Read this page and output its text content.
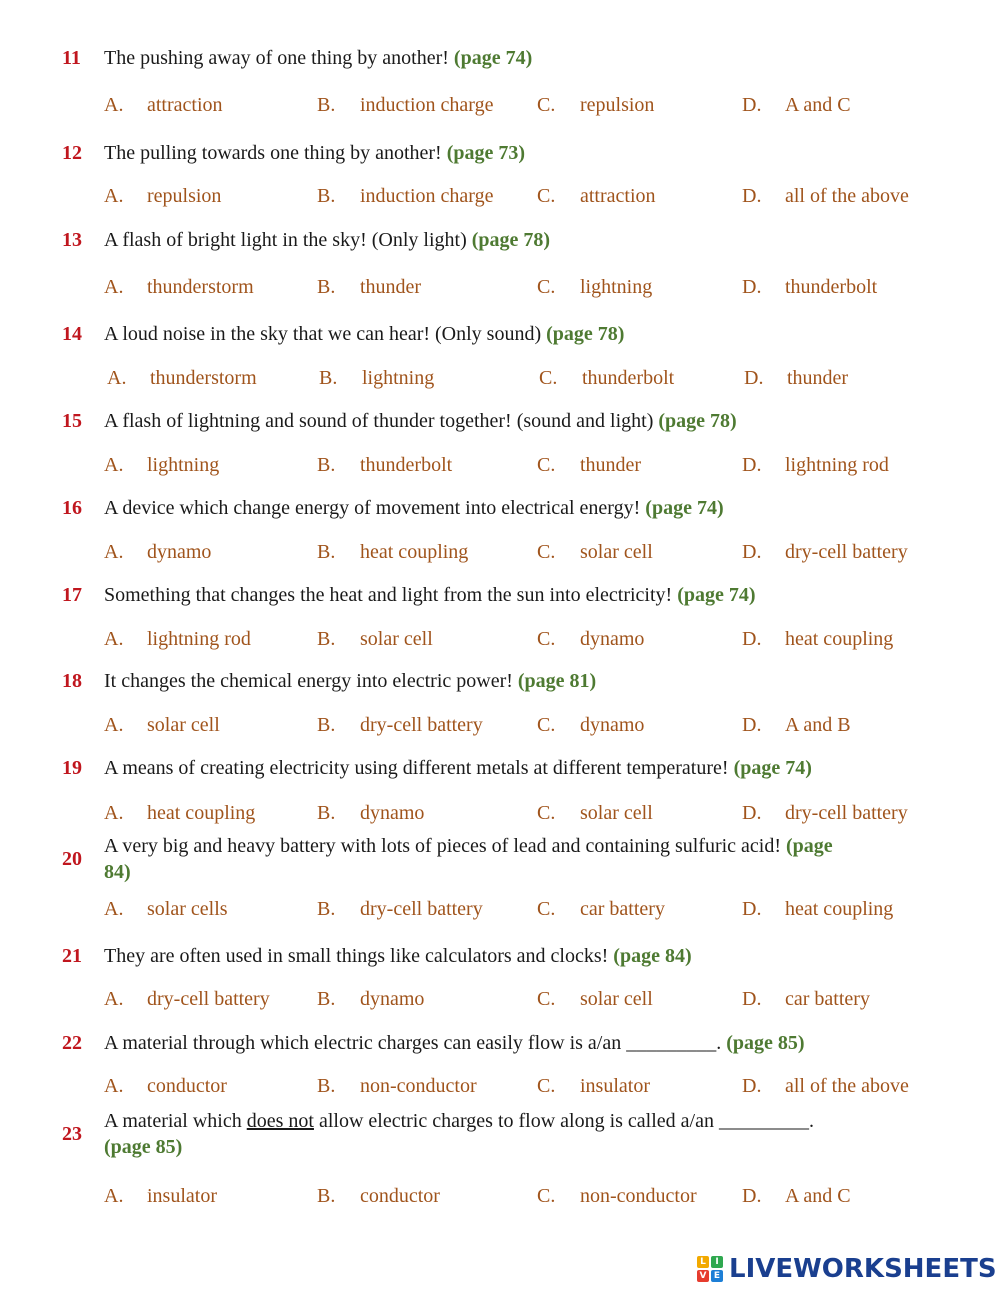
11 The pushing away of one thing by another! (page 74)
A. attraction	B. induction charge C. repulsion	D. A and C
12 The pulling towards one thing by another! (page 73)
A. repulsion	B. induction charge C. attraction	D. all of the above
13 A flash of bright light in the sky! (Only light) (page 78)
A. thunderstorm	B. thunder	C. lightning	D. thunderbolt
14 A loud noise in the sky that we can hear! (Only sound) (page 78)
A. thunderstorm	B. lightning	C. thunderbolt	D. thunder
15 A flash of lightning and sound of thunder together! (sound and light) (page 78)
A. lightning	B. thunderbolt	C. thunder	D. lightning rod
16 A device which change energy of movement into electrical energy! (page 74)
A. dynamo	B. heat coupling	C. solar cell	D. dry-cell battery
17 Something that changes the heat and light from the sun into electricity! (page 74)
A. lightning rod	B. solar cell	C. dynamo	D. heat coupling
18 It changes the chemical energy into electric power! (page 81)
A. solar cell	B. dry-cell battery	C. dynamo	D. A and B
19 A means of creating electricity using different metals at different temperature! (page 74)
A. heat coupling	B. dynamo	C. solar cell	D. dry-cell battery
20
A very big and heavy battery with lots of pieces of lead and containing sulfuric acid! (page 84)
A. solar cells	B. dry-cell battery	C. car battery	D. heat coupling
21 They are often used in small things like calculators and clocks! (page 84)
A. dry-cell battery B. dynamo	C. solar cell	D. car battery
22 A material through which electric charges can easily flow is a/an _________. (page 85)
A. conductor	B. non-conductor	C. insulator	D. all of the above
23
A material which does not allow electric charges to flow along is called a/an _________.
(page 85)
A. insulator	B. conductor	C. non-conductor D. A and C
L	I
V E LIVEWORKSHEETS
